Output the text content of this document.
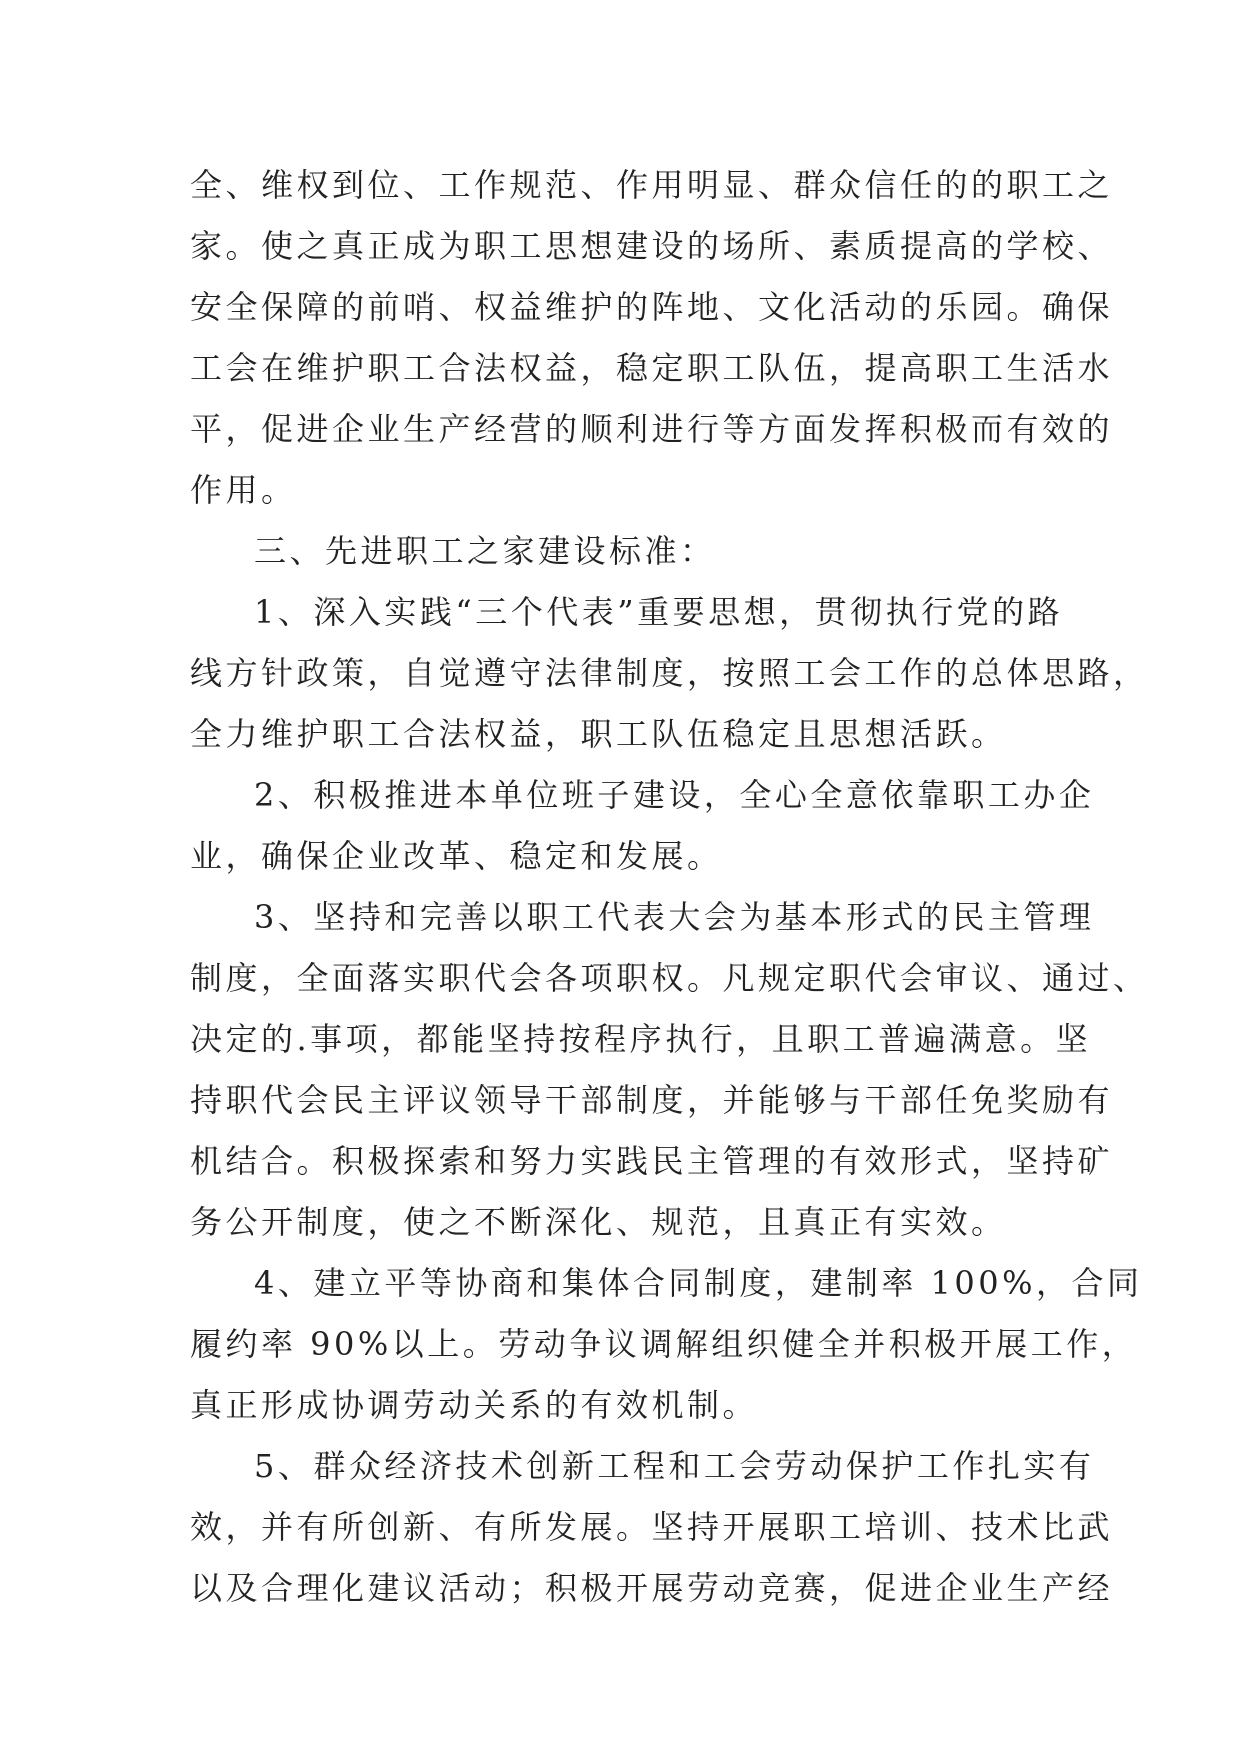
全、维权到位、工作规范、作用明显、群众信任的的职工之
家。使之真正成为职工思想建设的场所、素质提高的学校、
安全保障的前哨、权益维护的阵地、文化活动的乐园。确保
工会在维护职工合法权益，稳定职工队伍，提高职工生活水
平，促进企业生产经营的顺利进行等方面发挥积极而有效的
作用。
三、先进职工之家建设标准：
1、深入实践“三个代表”重要思想，贯彻执行党的路
线方针政策，自觉遵守法律制度，按照工会工作的总体思路，
全力维护职工合法权益，职工队伍稳定且思想活跃。
2、积极推进本单位班子建设，全心全意依靠职工办企
业，确保企业改革、稳定和发展。
3、坚持和完善以职工代表大会为基本形式的民主管理
制度，全面落实职代会各项职权。凡规定职代会审议、通过、
决定的.事项，都能坚持按程序执行，且职工普遍满意。坚
持职代会民主评议领导干部制度，并能够与干部任免奖励有
机结合。积极探索和努力实践民主管理的有效形式，坚持矿
务公开制度，使之不断深化、规范，且真正有实效。
4、建立平等协商和集体合同制度，建制率 100%，合同
履约率 90%以上。劳动争议调解组织健全并积极开展工作，
真正形成协调劳动关系的有效机制。
5、群众经济技术创新工程和工会劳动保护工作扎实有
效，并有所创新、有所发展。坚持开展职工培训、技术比武
以及合理化建议活动；积极开展劳动竞赛，促进企业生产经
